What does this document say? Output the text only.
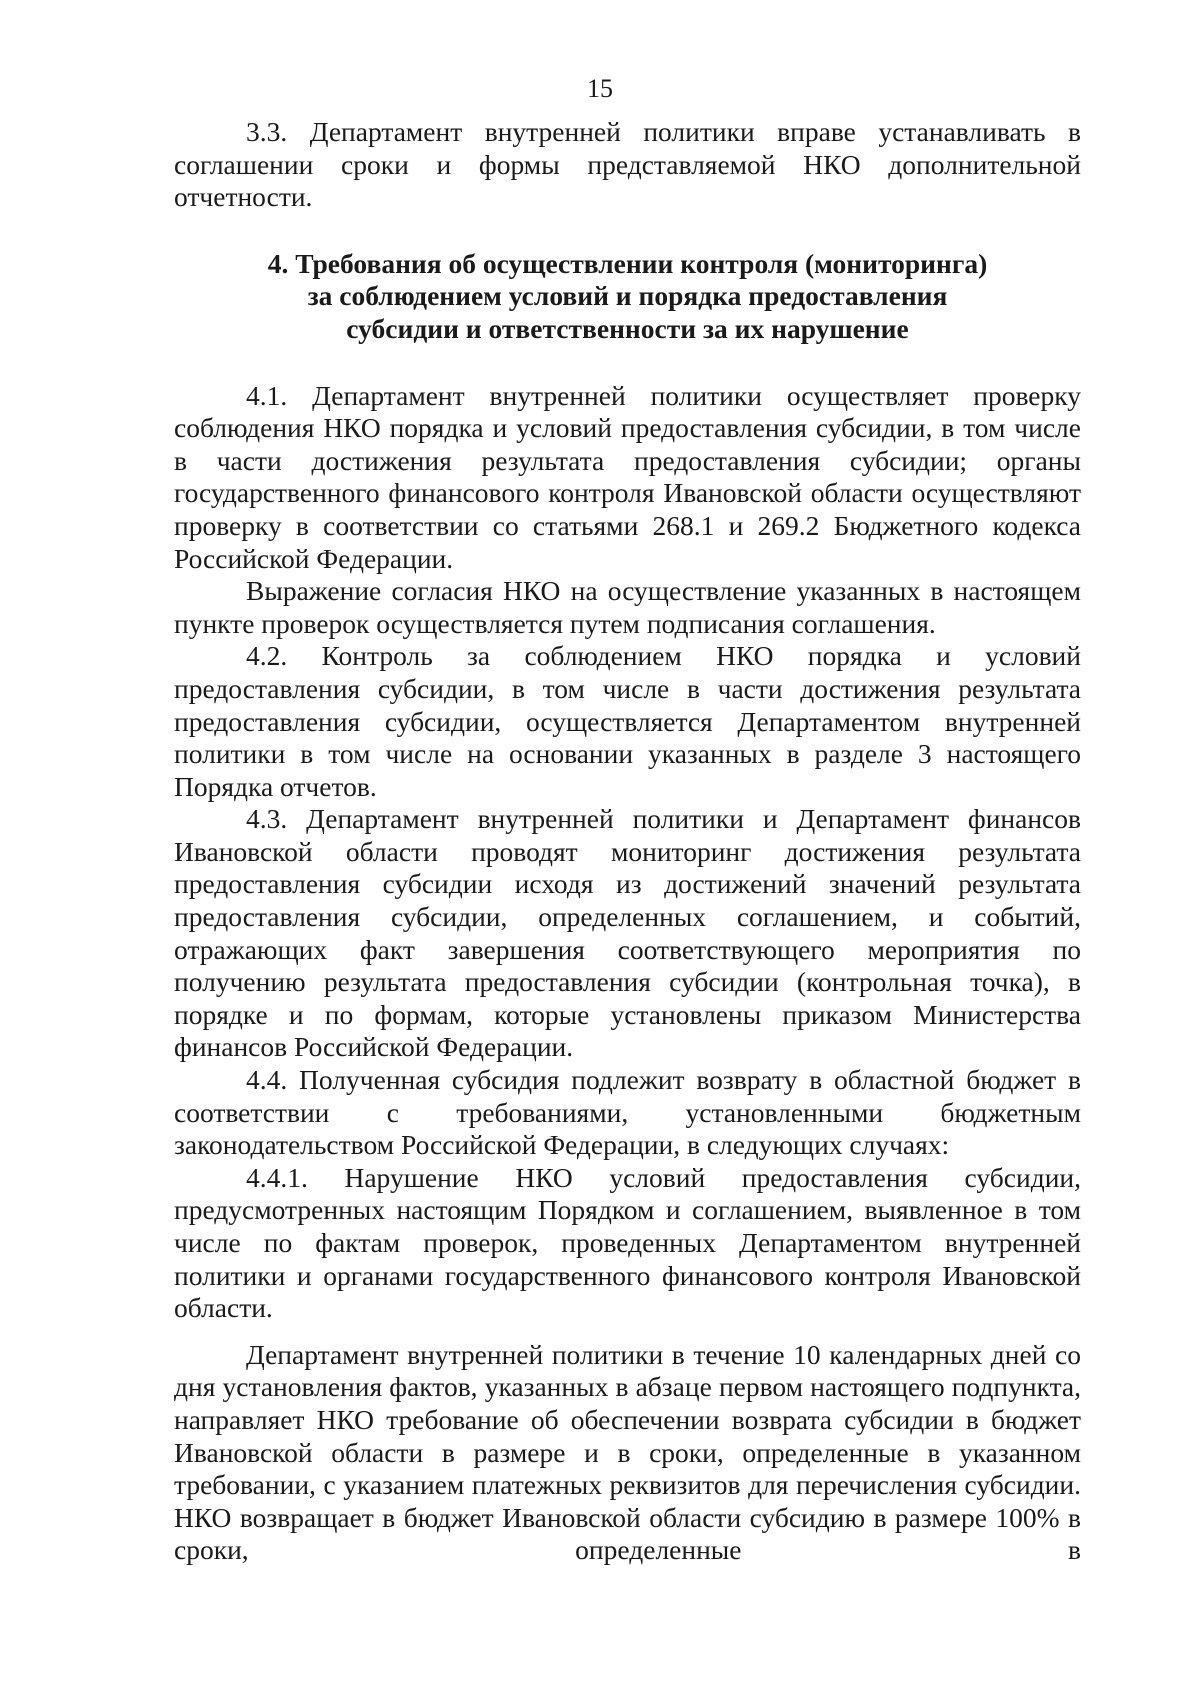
15

3.3. Департамент внутренней политики вправе устанавливать в соглашении сроки и формы представляемой НКО дополнительной отчетности.

4. Требования об осуществлении контроля (мониторинга)
за соблюдением условий и порядка предоставления
субсидии и ответственности за их нарушение

4.1. Департамент внутренней политики осуществляет проверку соблюдения НКО порядка и условий предоставления субсидии, в том числе в части достижения результата предоставления субсидии; органы государственного финансового контроля Ивановской области осуществляют проверку в соответствии со статьями 268.1 и 269.2 Бюджетного кодекса Российской Федерации.

Выражение согласия НКО на осуществление указанных в настоящем пункте проверок осуществляется путем подписания соглашения.

4.2. Контроль за соблюдением НКО порядка и условий предоставления субсидии, в том числе в части достижения результата предоставления субсидии, осуществляется Департаментом внутренней политики в том числе на основании указанных в разделе 3 настоящего Порядка отчетов.

4.3. Департамент внутренней политики и Департамент финансов Ивановской области проводят мониторинг достижения результата предоставления субсидии исходя из достижений значений результата предоставления субсидии, определенных соглашением, и событий, отражающих факт завершения соответствующего мероприятия по получению результата предоставления субсидии (контрольная точка), в порядке и по формам, которые установлены приказом Министерства финансов Российской Федерации.

4.4. Полученная субсидия подлежит возврату в областной бюджет в соответствии с требованиями, установленными бюджетным законодательством Российской Федерации, в следующих случаях:

4.4.1. Нарушение НКО условий предоставления субсидии, предусмотренных настоящим Порядком и соглашением, выявленное в том числе по фактам проверок, проведенных Департаментом внутренней политики и органами государственного финансового контроля Ивановской области.

Департамент внутренней политики в течение 10 календарных дней со дня установления фактов, указанных в абзаце первом настоящего подпункта, направляет НКО требование об обеспечении возврата субсидии в бюджет Ивановской области в размере и в сроки, определенные в указанном требовании, с указанием платежных реквизитов для перечисления субсидии. НКО возвращает в бюджет Ивановской области субсидию в размере 100% в сроки, определенные в
